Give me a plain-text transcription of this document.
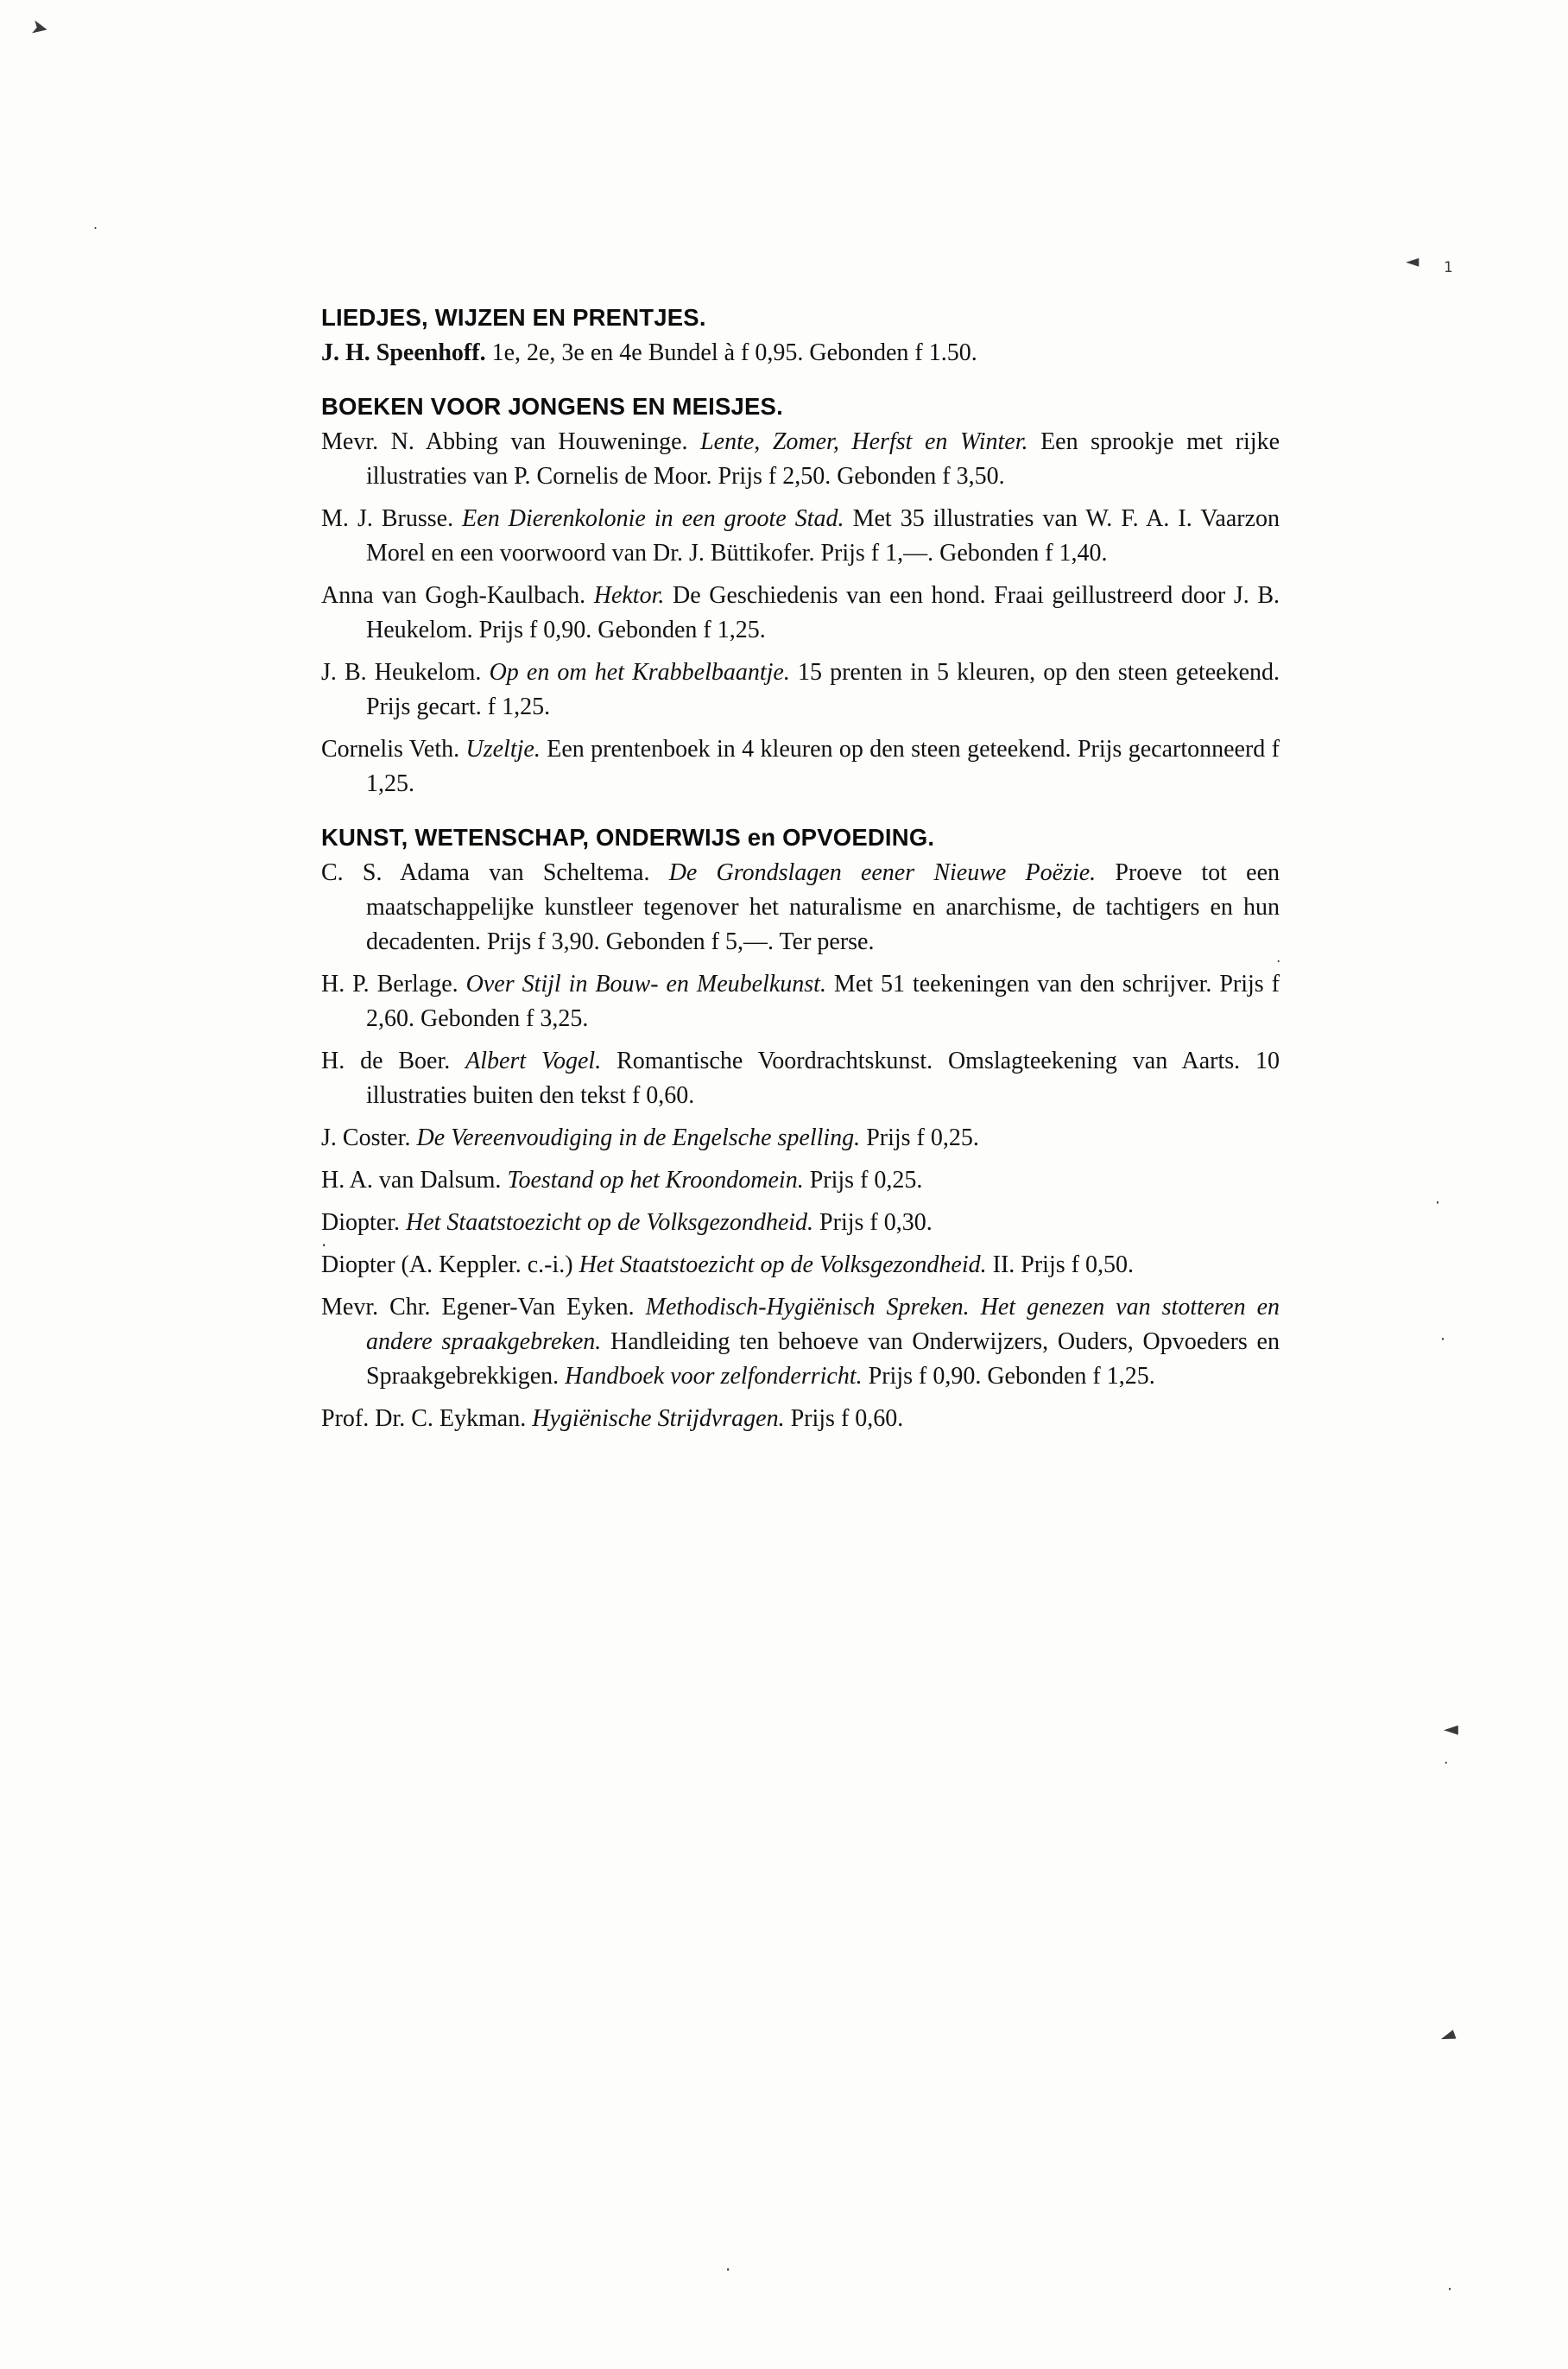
➤
.
◄ 1
·
·
·
◄
·
◄
·
·
·
LIEDJES, WIJZEN EN PRENTJES.

J. H. Speenhoff. 1e, 2e, 3e en 4e Bundel à f 0,95. Gebonden f 1.50.

BOEKEN VOOR JONGENS EN MEISJES.

Mevr. N. Abbing van Houweninge. Lente, Zomer, Herfst en Winter. Een sprookje met rijke illustraties van P. Cornelis de Moor. Prijs f 2,50. Gebonden f 3,50.

M. J. Brusse. Een Dierenkolonie in een groote Stad. Met 35 illustraties van W. F. A. I. Vaarzon Morel en een voorwoord van Dr. J. Büttikofer. Prijs f 1,—. Gebonden f 1,40.

Anna van Gogh-Kaulbach. Hektor. De Geschiedenis van een hond. Fraai geillustreerd door J. B. Heukelom. Prijs f 0,90. Gebonden f 1,25.

J. B. Heukelom. Op en om het Krabbelbaantje. 15 prenten in 5 kleuren, op den steen geteekend. Prijs gecart. f 1,25.

Cornelis Veth. Uzeltje. Een prentenboek in 4 kleuren op den steen geteekend. Prijs gecartonneerd f 1,25.

KUNST, WETENSCHAP, ONDERWIJS en OPVOEDING.

C. S. Adama van Scheltema. De Grondslagen eener Nieuwe Poëzie. Proeve tot een maatschappelijke kunstleer tegenover het naturalisme en anarchisme, de tachtigers en hun decadenten. Prijs f 3,90. Gebonden f 5,—. Ter perse.

H. P. Berlage. Over Stijl in Bouw- en Meubelkunst. Met 51 teekeningen van den schrijver. Prijs f 2,60. Gebonden f 3,25.

H. de Boer. Albert Vogel. Romantische Voordrachtskunst. Omslagteekening van Aarts. 10 illustraties buiten den tekst f 0,60.

J. Coster. De Vereenvoudiging in de Engelsche spelling. Prijs f 0,25.

H. A. van Dalsum. Toestand op het Kroondomein. Prijs f 0,25.

Diopter. Het Staatstoezicht op de Volksgezondheid. Prijs f 0,30.

Diopter (A. Keppler. c.-i.) Het Staatstoezicht op de Volksgezondheid. II. Prijs f 0,50.

Mevr. Chr. Egener-Van Eyken. Methodisch-Hygiënisch Spreken. Het genezen van stotteren en andere spraakgebreken. Handleiding ten behoeve van Onderwijzers, Ouders, Opvoeders en Spraakgebrekkigen. Handboek voor zelfonderricht. Prijs f 0,90. Gebonden f 1,25.

Prof. Dr. C. Eykman. Hygiënische Strijdvragen. Prijs f 0,60.
